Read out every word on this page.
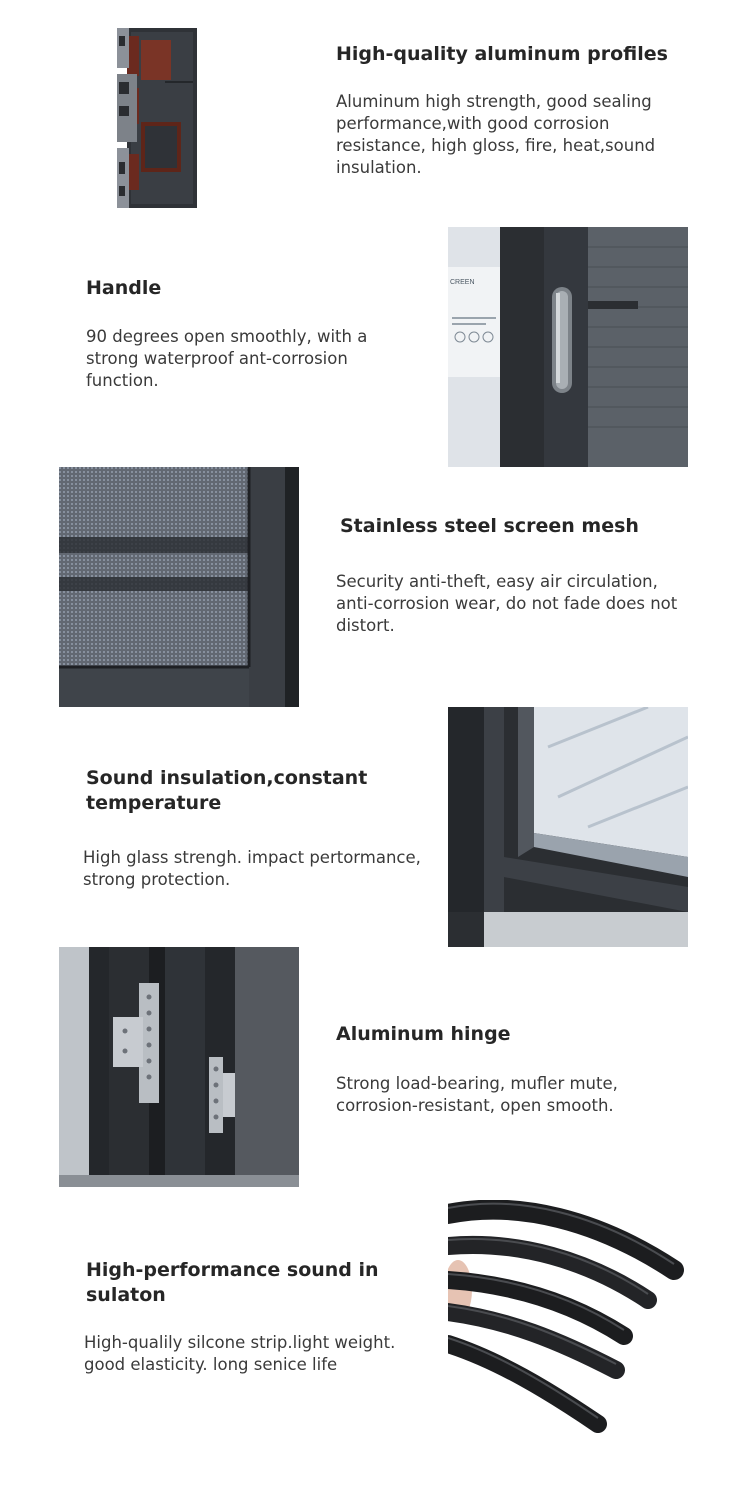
High-quality aluminum profiles
Aluminum high strength, good sealing performance,with good corrosion resistance, high gloss, fire, heat,sound insulation.
Handle
90 degrees open smoothly, with a strong waterproof ant-corrosion function.
CREEN
Stainless steel screen mesh
Security anti-theft, easy air circulation, anti-corrosion wear, do not fade does not distort.
Sound insulation,constant temperature
High glass strengh. impact pertormance, strong protection.
Aluminum hinge
Strong load-bearing, mufler mute, corrosion-resistant, open smooth.
High-performance sound in sulaton
High-qualily silcone strip.light weight. good elasticity. long senice life
